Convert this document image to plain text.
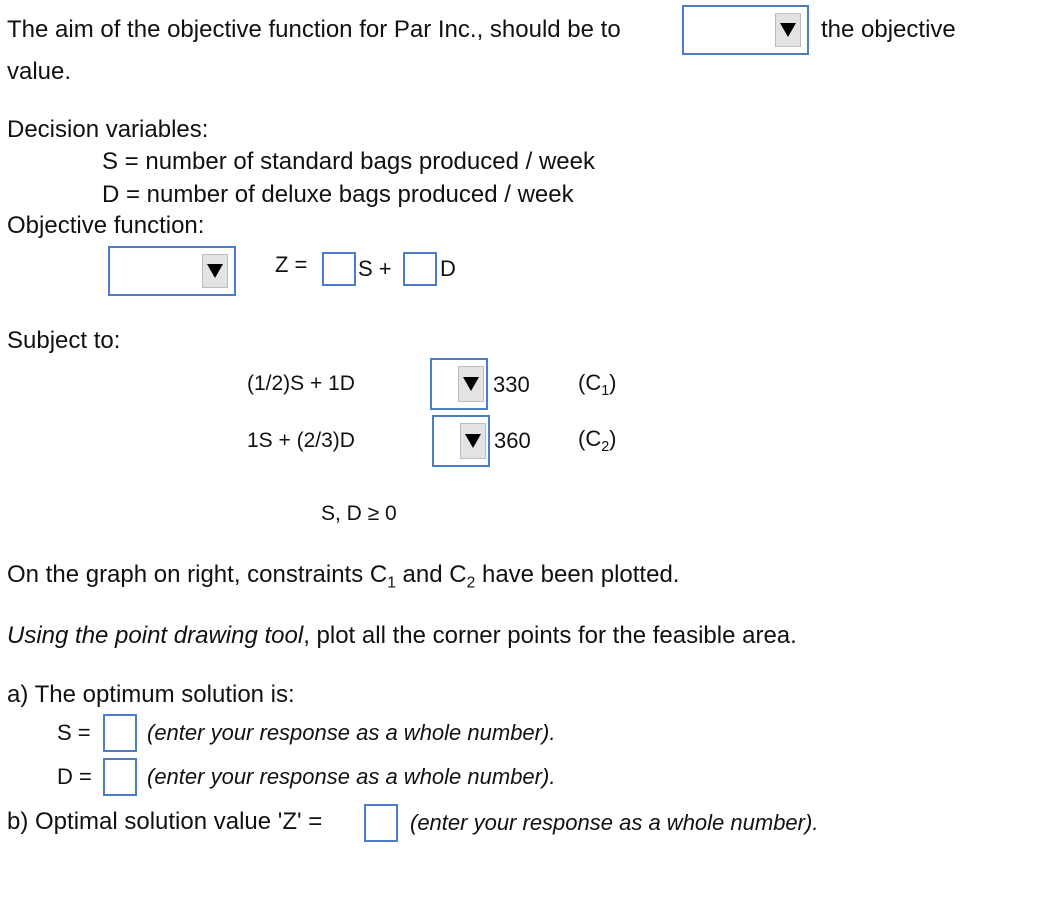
The aim of the objective function for Par Inc., should be to	the objective
value.
Decision variables:
S = number of standard bags produced / week
D = number of deluxe bags produced / week
Objective function:
Z = S + D
Subject to:
(1/2)S + 1D	330 $(C_1)$
1S + (2/3)D	360 $(C_2)$
S, D ≥ 0
On the graph on right, constraints $C_1$ and $C_2$ have been plotted.
Using the point drawing tool, plot all the corner points for the feasible area.
a) The optimum solution is:
S =	(enter your response as a whole number).
D =	(enter your response as a whole number).
b) Optimal solution value 'Z' =	(enter your response as a whole number).
